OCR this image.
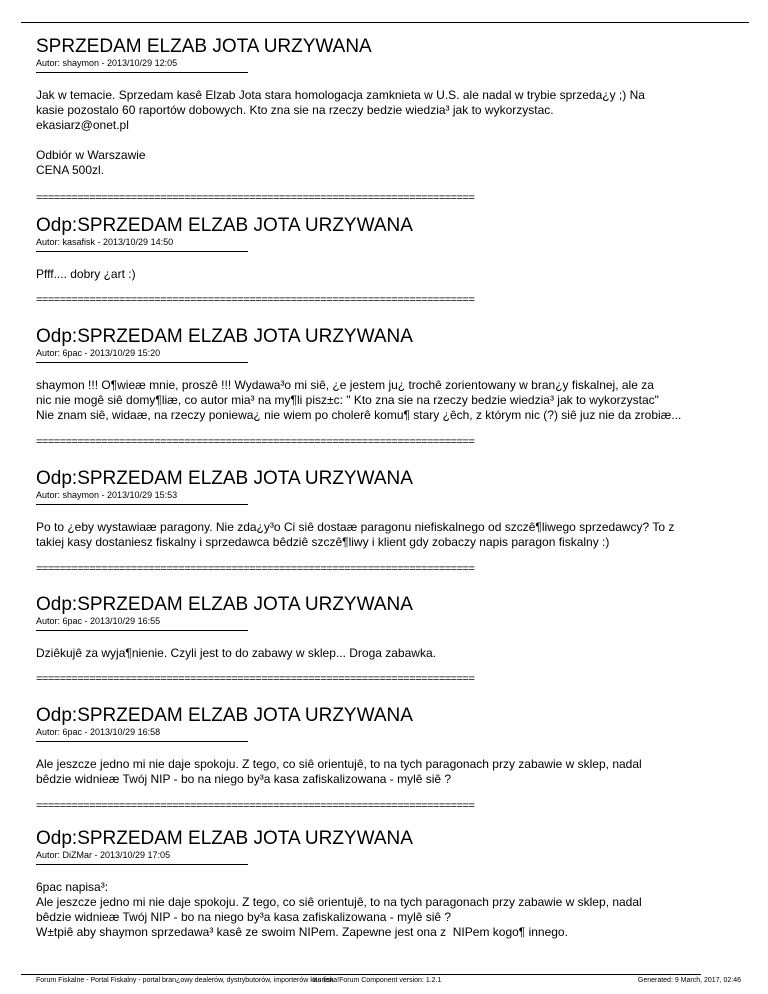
SPRZEDAM ELZAB JOTA URZYWANA
Autor: shaymon - 2013/10/29 12:05
Jak w temacie. Sprzedam kasê Elzab Jota stara homologacja zamknieta w U.S. ale nadal w trybie sprzeda¿y ;) Na
kasie pozostalo 60 raportów dobowych. Kto zna sie na rzeczy bedzie wiedzia³ jak to wykorzystac.
ekasiarz@onet.pl

Odbiór w Warszawie
CENA 500zl.
==========================================================================
Odp:SPRZEDAM ELZAB JOTA URZYWANA
Autor: kasafisk - 2013/10/29 14:50
Pfff.... dobry ¿art :)
==========================================================================
Odp:SPRZEDAM ELZAB JOTA URZYWANA
Autor: 6pac - 2013/10/29 15:20
shaymon !!! O¶wieæ mnie, proszê !!! Wydawa³o mi siê, ¿e jestem ju¿ trochê zorientowany w bran¿y fiskalnej, ale za
nic nie mogê siê domy¶liæ, co autor mia³ na my¶li pisz±c: " Kto zna sie na rzeczy bedzie wiedzia³ jak to wykorzystac"
Nie znam siê, widaæ, na rzeczy poniewa¿ nie wiem po cholerê komu¶ stary ¿êch, z którym nic (?) siê juz nie da zrobiæ...
==========================================================================
Odp:SPRZEDAM ELZAB JOTA URZYWANA
Autor: shaymon - 2013/10/29 15:53
Po to ¿eby wystawiaæ paragony. Nie zda¿y³o Ci siê dostaæ paragonu niefiskalnego od szczê¶liwego sprzedawcy? To z
takiej kasy dostaniesz fiskalny i sprzedawca bêdziê szczê¶liwy i klient gdy zobaczy napis paragon fiskalny :)
==========================================================================
Odp:SPRZEDAM ELZAB JOTA URZYWANA
Autor: 6pac - 2013/10/29 16:55
Dziêkujê za wyja¶nienie. Czyli jest to do zabawy w sklep... Droga zabawka.
==========================================================================
Odp:SPRZEDAM ELZAB JOTA URZYWANA
Autor: 6pac - 2013/10/29 16:58
Ale jeszcze jedno mi nie daje spokoju. Z tego, co siê orientujê, to na tych paragonach przy zabawie w sklep, nadal
bêdzie widnieæ Twój NIP - bo na niego by³a kasa zafiskalizowana - mylê siê ?
==========================================================================
Odp:SPRZEDAM ELZAB JOTA URZYWANA
Autor: DiZMar - 2013/10/29 17:05
6pac napisa³:
Ale jeszcze jedno mi nie daje spokoju. Z tego, co siê orientujê, to na tych paragonach przy zabawie w sklep, nadal
bêdzie widnieæ Twój NIP - bo na niego by³a kasa zafiskalizowana - mylê siê ?
W±tpiê aby shaymon sprzedawa³ kasê ze swoim NIPem. Zapewne jest ona z  NIPem kogo¶ innego.
Forum Fiskalne - Portal Fiskalny - portal bran¿owy dealerów, dystrybutorów, importerów kas fisk
Kunena!Forum Component version: 1.2.1	Generated: 9 March, 2017, 02:46
